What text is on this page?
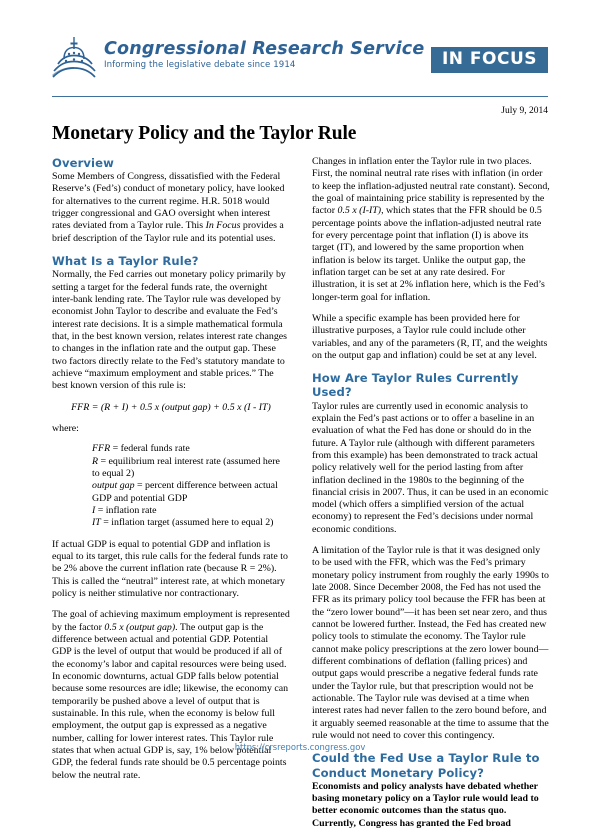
Congressional Research Service
Informing the legislative debate since 1914	IN FOCUS
July 9, 2014
Monetary Policy and the Taylor Rule
Overview

Some Members of Congress, dissatisfied with the Federal Reserve’s (Fed’s) conduct of monetary policy, have looked for alternatives to the current regime. H.R. 5018 would trigger congressional and GAO oversight when interest rates deviated from a Taylor rule. This In Focus provides a brief description of the Taylor rule and its potential uses.

What Is a Taylor Rule?

Normally, the Fed carries out monetary policy primarily by setting a target for the federal funds rate, the overnight inter-bank lending rate. The Taylor rule was developed by economist John Taylor to describe and evaluate the Fed’s interest rate decisions. It is a simple mathematical formula that, in the best known version, relates interest rate changes to changes in the inflation rate and the output gap. These two factors directly relate to the Fed’s statutory mandate to achieve “maximum employment and stable prices.” The best known version of this rule is:

FFR = (R + I) + 0.5 x (output gap) + 0.5 x (I - IT)
where:
FFR = federal funds rate
R = equilibrium real interest rate (assumed here to equal 2)
output gap = percent difference between actual GDP and potential GDP
I = inflation rate
IT = inflation target (assumed here to equal 2)

If actual GDP is equal to potential GDP and inflation is equal to its target, this rule calls for the federal funds rate to be 2% above the current inflation rate (because R = 2%). This is called the “neutral” interest rate, at which monetary policy is neither stimulative nor contractionary.

The goal of achieving maximum employment is represented by the factor 0.5 x (output gap). The output gap is the difference between actual and potential GDP. Potential GDP is the level of output that would be produced if all of the economy’s labor and capital resources were being used. In economic downturns, actual GDP falls below potential because some resources are idle; likewise, the economy can temporarily be pushed above a level of output that is sustainable. In this rule, when the economy is below full employment, the output gap is expressed as a negative number, calling for lower interest rates. This Taylor rule states that when actual GDP is, say, 1% below potential GDP, the federal funds rate should be 0.5 percentage points below the neutral rate.

Changes in inflation enter the Taylor rule in two places. First, the nominal neutral rate rises with inflation (in order to keep the inflation-adjusted neutral rate constant). Second, the goal of maintaining price stability is represented by the factor 0.5 x (I-IT), which states that the FFR should be 0.5 percentage points above the inflation-adjusted neutral rate for every percentage point that inflation (I) is above its target (IT), and lowered by the same proportion when inflation is below its target. Unlike the output gap, the inflation target can be set at any rate desired. For illustration, it is set at 2% inflation here, which is the Fed’s longer-term goal for inflation.

While a specific example has been provided here for illustrative purposes, a Taylor rule could include other variables, and any of the parameters (R, IT, and the weights on the output gap and inflation) could be set at any level.

How Are Taylor Rules Currently Used?

Taylor rules are currently used in economic analysis to explain the Fed’s past actions or to offer a baseline in an evaluation of what the Fed has done or should do in the future. A Taylor rule (although with different parameters from this example) has been demonstrated to track actual policy relatively well for the period lasting from after inflation declined in the 1980s to the beginning of the financial crisis in 2007. Thus, it can be used in an economic model (which offers a simplified version of the actual economy) to represent the Fed’s decisions under normal economic conditions.

A limitation of the Taylor rule is that it was designed only to be used with the FFR, which was the Fed’s primary monetary policy instrument from roughly the early 1990s to late 2008. Since December 2008, the Fed has not used the FFR as its primary policy tool because the FFR has been at the “zero lower bound”—it has been set near zero, and thus cannot be lowered further. Instead, the Fed has created new policy tools to stimulate the economy. The Taylor rule cannot make policy prescriptions at the zero lower bound—different combinations of deflation (falling prices) and output gaps would prescribe a negative federal funds rate under the Taylor rule, but that prescription would not be actionable. The Taylor rule was devised at a time when interest rates had never fallen to the zero bound before, and it arguably seemed reasonable at the time to assume that the rule would not need to cover this contingency.

Could the Fed Use a Taylor Rule to Conduct Monetary Policy?

Economists and policy analysts have debated whether basing monetary policy on a Taylor rule would lead to better economic outcomes than the status quo. Currently, Congress has granted the Fed broad

https://crsreports.congress.gov
